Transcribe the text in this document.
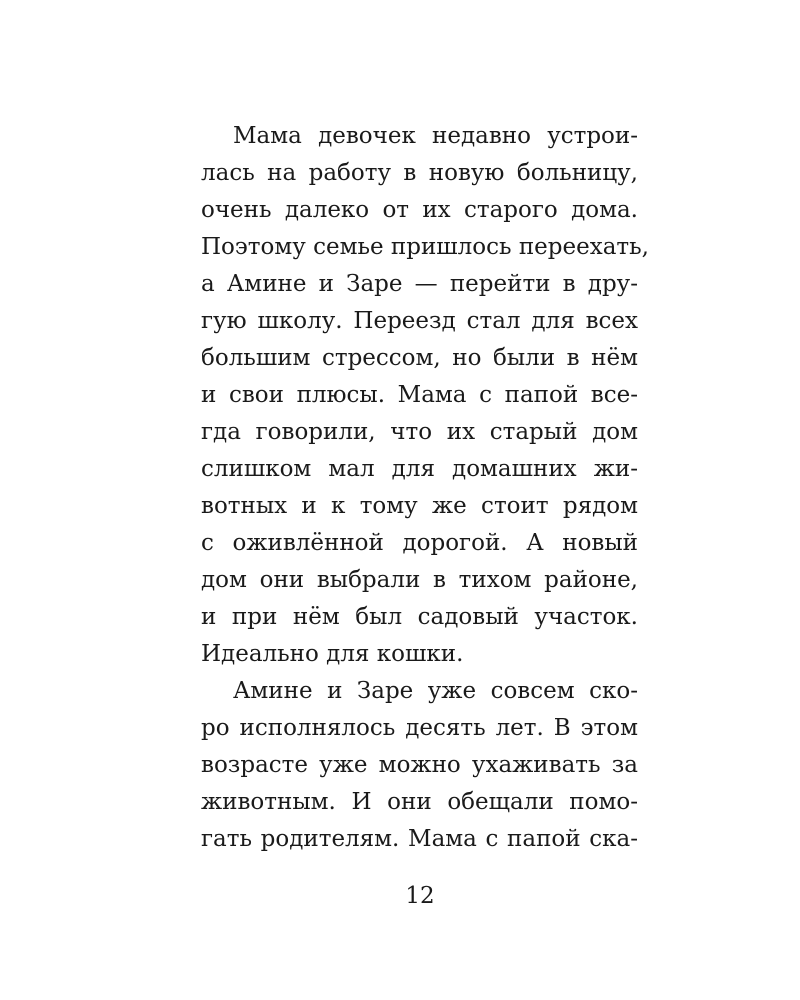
Мама девочек недавно устрои-
лась на работу в новую больницу,
очень далеко от их старого дома.
Поэтому семье пришлось переехать,
а Амине и Заре — перейти в дру-
гую школу. Переезд стал для всех
большим стрессом, но были в нём
и свои плюсы. Мама с папой все-
гда говорили, что их старый дом
слишком мал для домашних жи-
вотных и к тому же стоит рядом
с оживлённой дорогой. А новый
дом они выбрали в тихом районе,
и при нём был садовый участок.
Идеально для кошки.
Амине и Заре уже совсем ско-
ро исполнялось десять лет. В этом
возрасте уже можно ухаживать за
животным. И они обещали помо-
гать родителям. Мама с папой ска-
12
